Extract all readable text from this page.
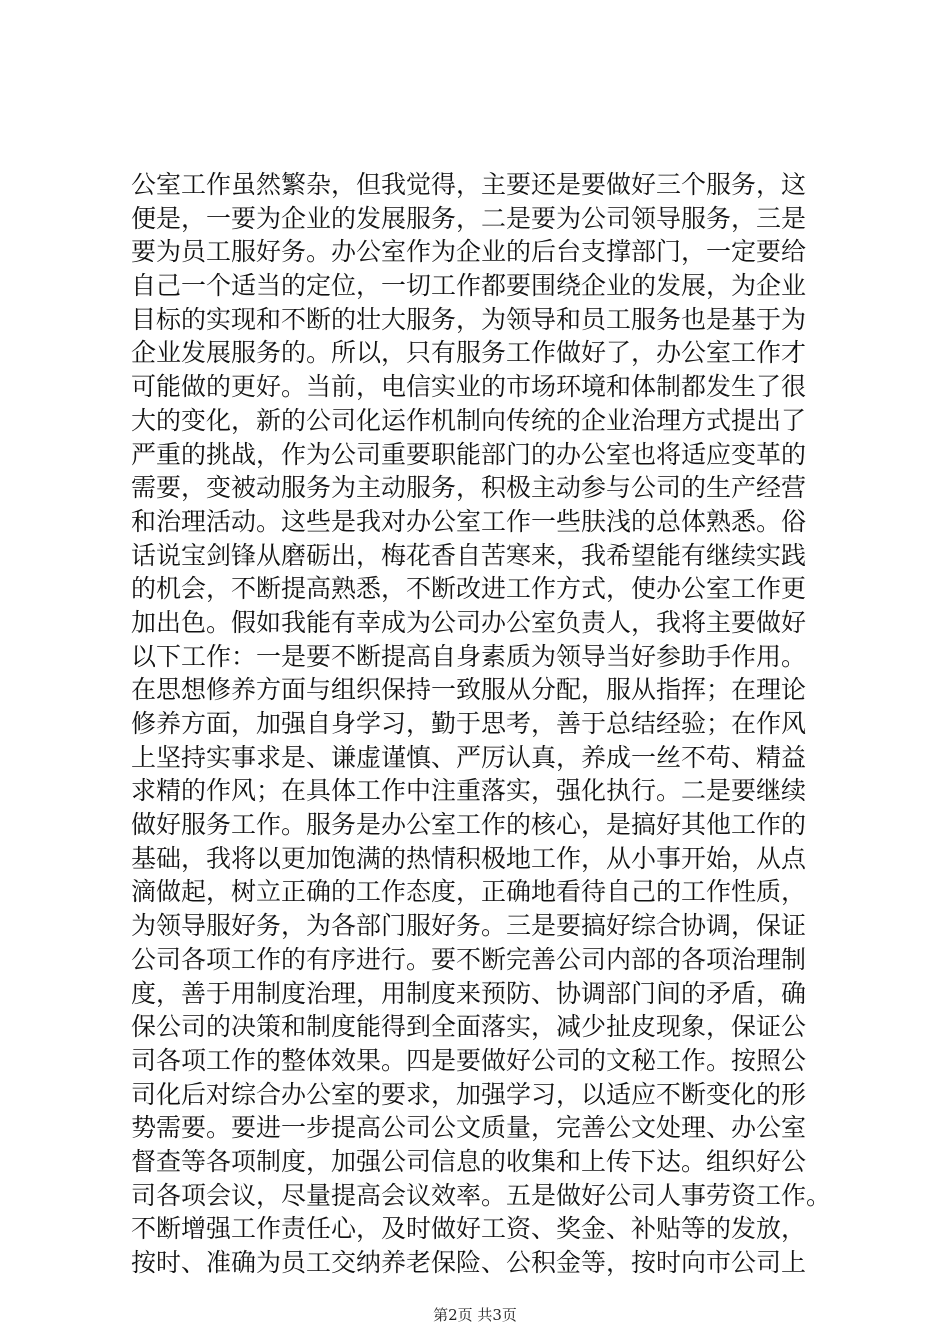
公室工作虽然繁杂，但我觉得，主要还是要做好三个服务，这
便是，一要为企业的发展服务，二是要为公司领导服务，三是
要为员工服好务。办公室作为企业的后台支撑部门，一定要给
自己一个适当的定位，一切工作都要围绕企业的发展，为企业
目标的实现和不断的壮大服务，为领导和员工服务也是基于为
企业发展服务的。所以，只有服务工作做好了，办公室工作才
可能做的更好。当前，电信实业的市场环境和体制都发生了很
大的变化，新的公司化运作机制向传统的企业治理方式提出了
严重的挑战，作为公司重要职能部门的办公室也将适应变革的
需要，变被动服务为主动服务，积极主动参与公司的生产经营
和治理活动。这些是我对办公室工作一些肤浅的总体熟悉。俗
话说宝剑锋从磨砺出，梅花香自苦寒来，我希望能有继续实践
的机会，不断提高熟悉，不断改进工作方式，使办公室工作更
加出色。假如我能有幸成为公司办公室负责人，我将主要做好
以下工作：一是要不断提高自身素质为领导当好参助手作用。
在思想修养方面与组织保持一致服从分配，服从指挥；在理论
修养方面，加强自身学习，勤于思考，善于总结经验；在作风
上坚持实事求是、谦虚谨慎、严厉认真，养成一丝不苟、精益
求精的作风；在具体工作中注重落实，强化执行。二是要继续
做好服务工作。服务是办公室工作的核心，是搞好其他工作的
基础，我将以更加饱满的热情积极地工作，从小事开始，从点
滴做起，树立正确的工作态度，正确地看待自己的工作性质，
为领导服好务，为各部门服好务。三是要搞好综合协调，保证
公司各项工作的有序进行。要不断完善公司内部的各项治理制
度，善于用制度治理，用制度来预防、协调部门间的矛盾，确
保公司的决策和制度能得到全面落实，减少扯皮现象，保证公
司各项工作的整体效果。四是要做好公司的文秘工作。按照公
司化后对综合办公室的要求，加强学习，以适应不断变化的形
势需要。要进一步提高公司公文质量，完善公文处理、办公室
督查等各项制度，加强公司信息的收集和上传下达。组织好公
司各项会议，尽量提高会议效率。五是做好公司人事劳资工作。
不断增强工作责任心，及时做好工资、奖金、补贴等的发放，
按时、准确为员工交纳养老保险、公积金等，按时向市公司上
第2页 共3页
